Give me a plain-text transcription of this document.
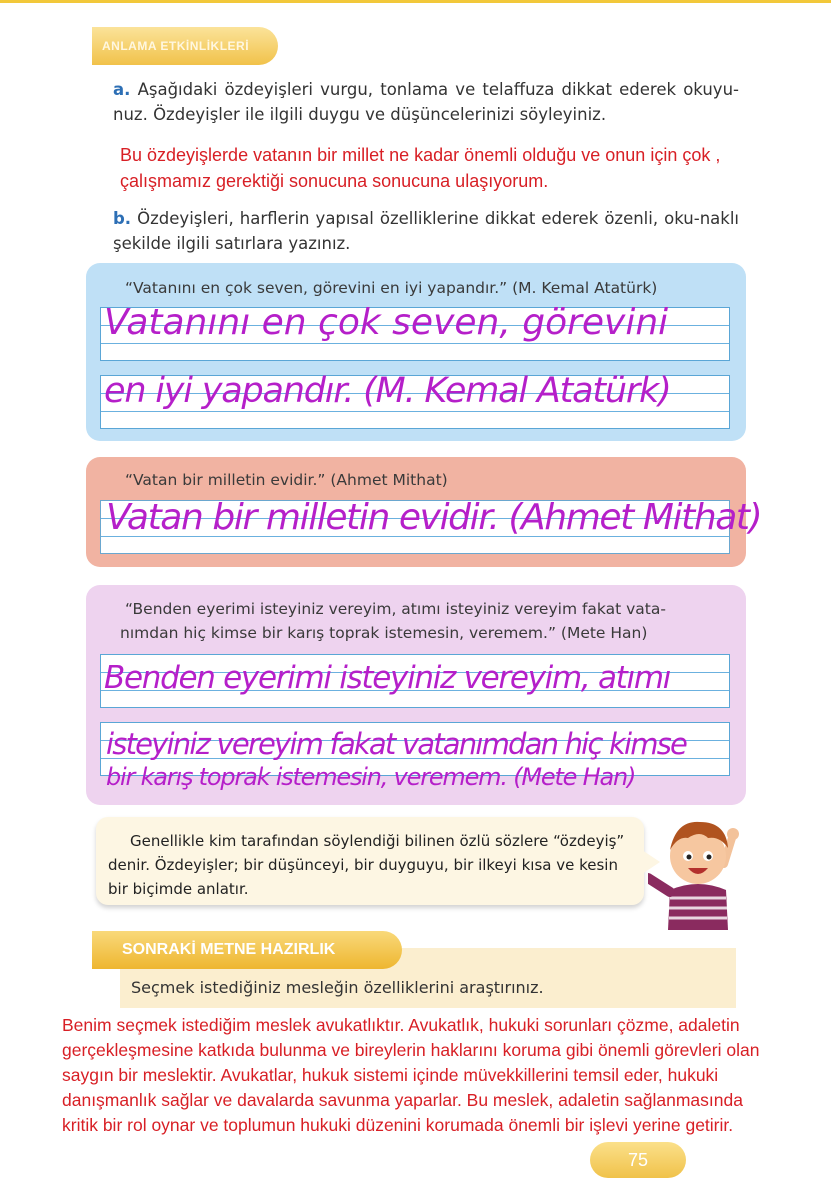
ANLAMA ETKİNLİKLERİ
a. Aşağıdaki özdeyişleri vurgu, tonlama ve telaffuza dikkat ederek okuyu-nuz. Özdeyişler ile ilgili duygu ve düşüncelerinizi söyleyiniz.
Bu özdeyişlerde vatanın bir millet ne kadar önemli olduğu ve onun için çok ,
çalışmamız gerektiği sonucuna sonucuna ulaşıyorum.
b. Özdeyişleri, harflerin yapısal özelliklerine dikkat ederek özenli, oku-naklı şekilde ilgili satırlara yazınız.
“Vatanını en çok seven, görevini en iyi yapandır.” (M. Kemal Atatürk)
Vatanını en çok seven, görevini
en iyi yapandır. (M. Kemal Atatürk)
“Vatan bir milletin evidir.” (Ahmet Mithat)
Vatan bir milletin evidir. (Ahmet Mithat)
“Benden eyerimi isteyiniz vereyim, atımı isteyiniz vereyim fakat vata-
nımdan hiç kimse bir karış toprak istemesin, veremem.” (Mete Han)
Benden eyerimi isteyiniz vereyim, atımı
isteyiniz vereyim fakat vatanımdan hiç kimse
bir karış toprak istemesin, veremem. (Mete Han)
Genellikle kim tarafından söylendiği bilinen özlü sözlere “özdeyiş” denir. Özdeyişler; bir düşünceyi, bir duyguyu, bir ilkeyi kısa ve kesin bir biçimde anlatır.
SONRAKİ METNE HAZIRLIK
Seçmek istediğiniz mesleğin özelliklerini araştırınız.
Benim seçmek istediğim meslek avukatlıktır. Avukatlık, hukuki sorunları çözme, adaletin gerçekleşmesine katkıda bulunma ve bireylerin haklarını koruma gibi önemli görevleri olan saygın bir meslektir. Avukatlar, hukuk sistemi içinde müvekkillerini temsil eder, hukuki danışmanlık sağlar ve davalarda savunma yaparlar. Bu meslek, adaletin sağlanmasında kritik bir rol oynar ve toplumun hukuki düzenini korumada önemli bir işlevi yerine getirir.
75
